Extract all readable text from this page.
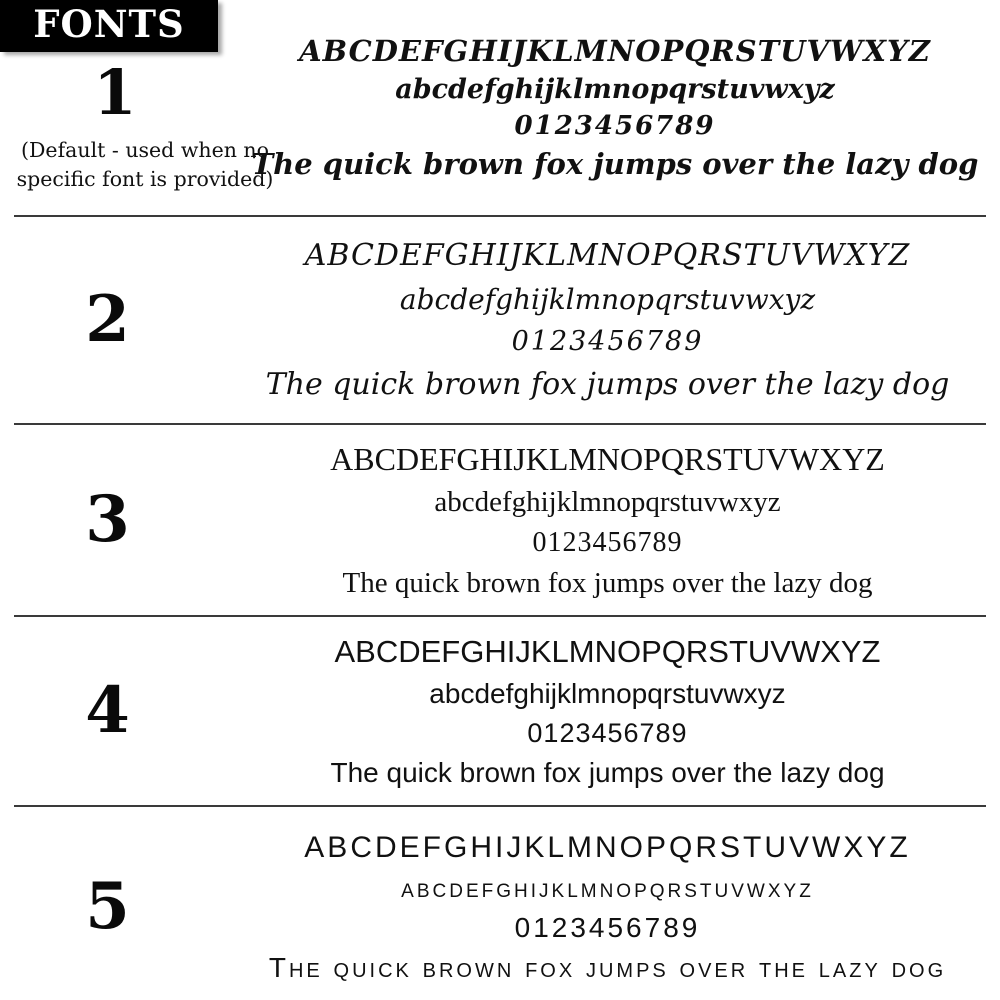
FONTS
1
(Default - used when no
specific font is provided)
ABCDEFGHIJKLMNOPQRSTUVWXYZ
abcdefghijklmnopqrstuvwxyz
0123456789
The quick brown fox jumps over the lazy dog
2
ABCDEFGHIJKLMNOPQRSTUVWXYZ
abcdefghijklmnopqrstuvwxyz
0123456789
The quick brown fox jumps over the lazy dog
3
ABCDEFGHIJKLMNOPQRSTUVWXYZ
abcdefghijklmnopqrstuvwxyz
0123456789
The quick brown fox jumps over the lazy dog
4
ABCDEFGHIJKLMNOPQRSTUVWXYZ
abcdefghijklmnopqrstuvwxyz
0123456789
The quick brown fox jumps over the lazy dog
5
ABCDEFGHIJKLMNOPQRSTUVWXYZ
abcdefghijklmnopqrstuvwxyz
0123456789
The quick brown fox jumps over the lazy dog
